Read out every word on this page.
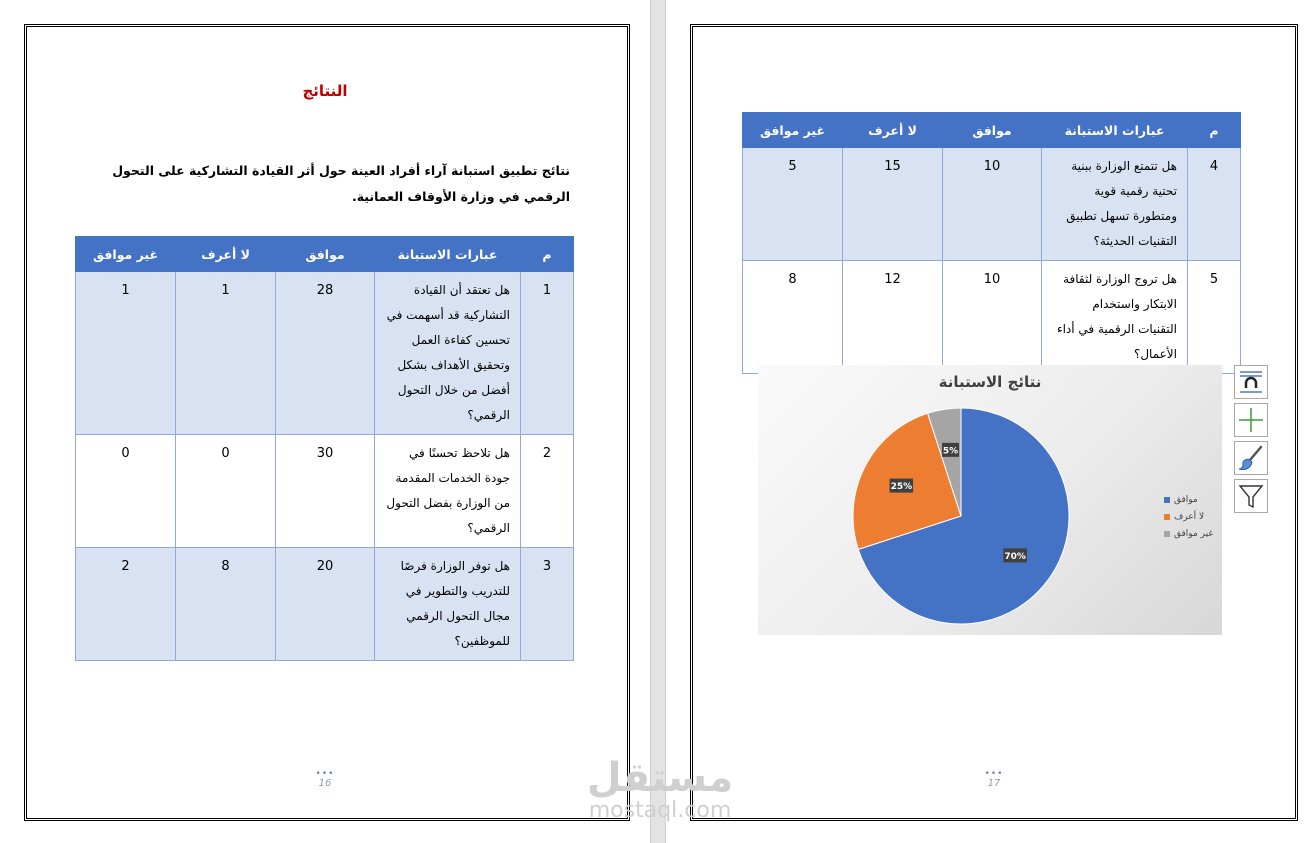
النتائج
نتائج تطبيق استبانة آراء أفراد العينة حول أثر القيادة التشاركية على التحول الرقمي في وزارة الأوقاف العمانية.
م	عبارات الاستبانة	موافق	لا أعرف	غير موافق
1	هل تعتقد أن القيادة التشاركية قد أسهمت في تحسين كفاءة العمل وتحقيق الأهداف بشكل أفضل من خلال التحول الرقمي؟	28	1	1
2	هل تلاحظ تحسنًا في جودة الخدمات المقدمة من الوزارة بفضل التحول الرقمي؟	30	0	0
3	هل توفر الوزارة فرصًا للتدريب والتطوير في مجال التحول الرقمي للموظفين؟	20	8	2
•••
16
م	عبارات الاستبانة	موافق	لا أعرف	غير موافق
4	هل تتمتع الوزارة ببنية تحتية رقمية قوية ومتطورة تسهل تطبيق التقنيات الحديثة؟	10	15	5
5	هل تروج الوزارة لثقافة الابتكار واستخدام التقنيات الرقمية في أداء الأعمال؟	10	12	8
نتائج الاستبانة
70%
25%
5%
موافق
لا أعرف
غير موافق
•••
17
مستقل
mostaql.com
